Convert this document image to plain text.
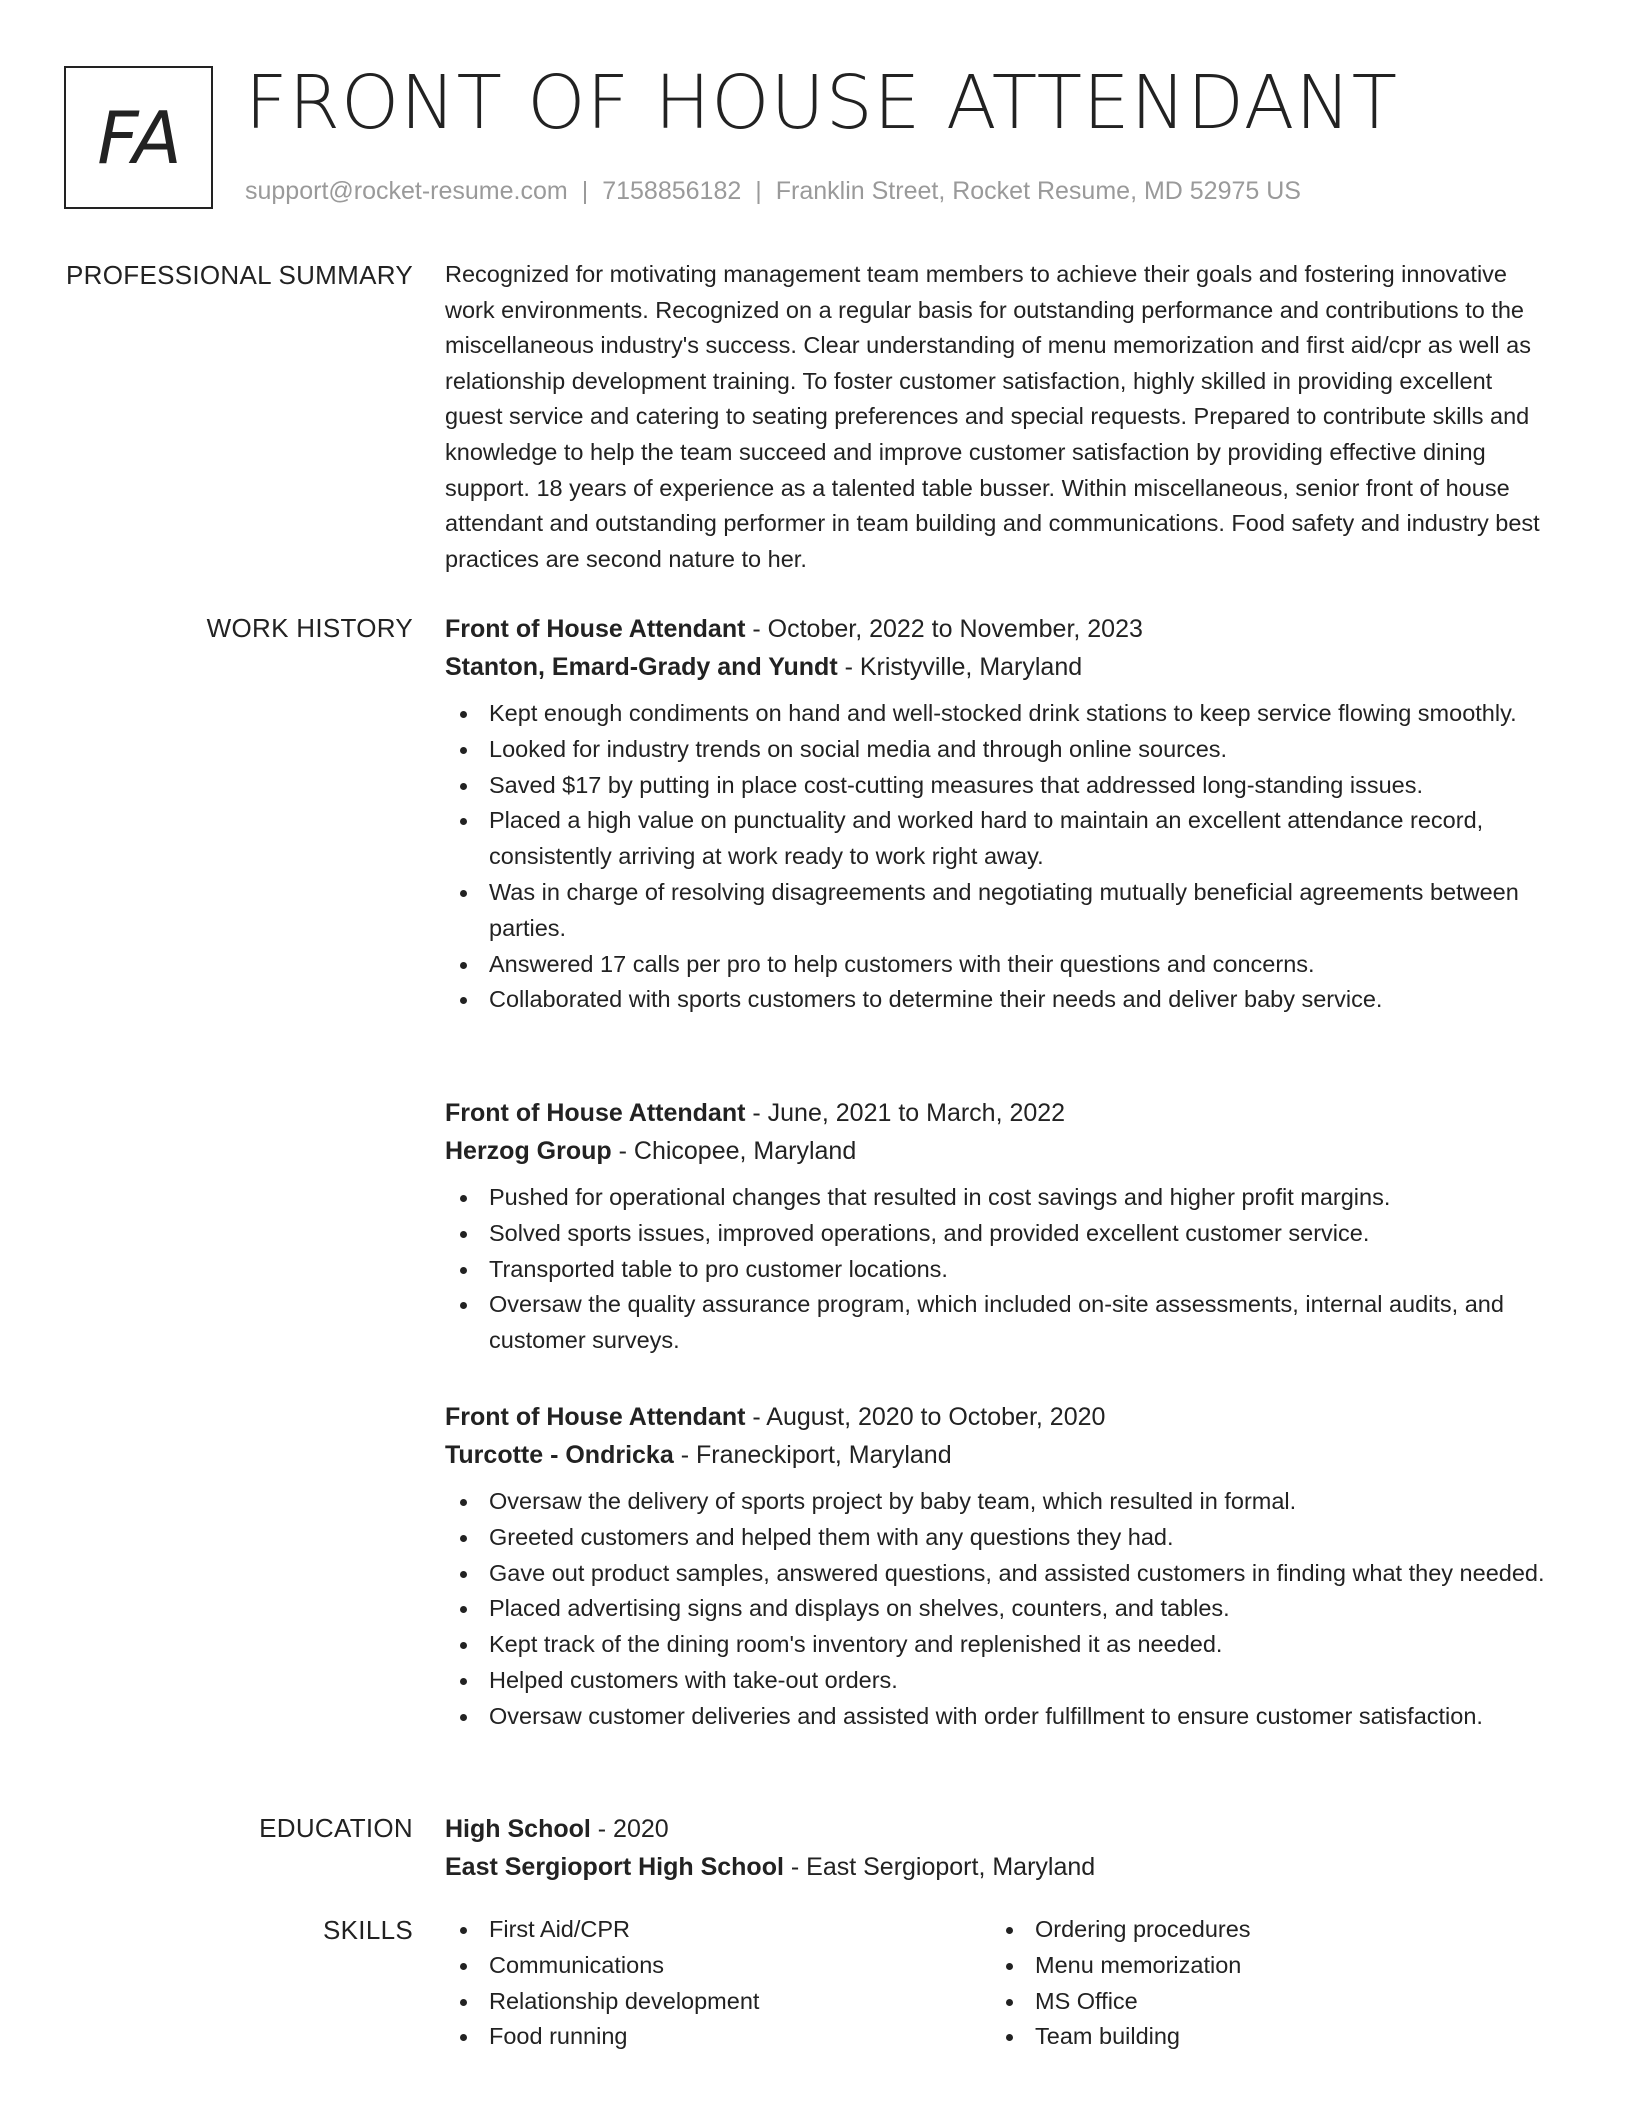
FA FRONT OF HOUSE ATTENDANT
support@rocket-resume.com | 7158856182 | Franklin Street, Rocket Resume, MD 52975 US
PROFESSIONAL SUMMARY Recognized for motivating management team members to achieve their goals and fostering innovative work environments. Recognized on a regular basis for outstanding performance and contributions to the miscellaneous industry's success. Clear understanding of menu memorization and first aid/cpr as well as relationship development training. To foster customer satisfaction, highly skilled in providing excellent guest service and catering to seating preferences and special requests. Prepared to contribute skills and knowledge to help the team succeed and improve customer satisfaction by providing effective dining support. 18 years of experience as a talented table busser. Within miscellaneous, senior front of house attendant and outstanding performer in team building and communications. Food safety and industry best practices are second nature to her.
WORK HISTORY Front of House Attendant - October, 2022 to November, 2023
Stanton, Emard-Grady and Yundt - Kristyville, Maryland
Kept enough condiments on hand and well-stocked drink stations to keep service flowing smoothly.
Looked for industry trends on social media and through online sources.
Saved $17 by putting in place cost-cutting measures that addressed long-standing issues.
Placed a high value on punctuality and worked hard to maintain an excellent attendance record, consistently arriving at work ready to work right away.
Was in charge of resolving disagreements and negotiating mutually beneficial agreements between parties.
Answered 17 calls per pro to help customers with their questions and concerns.
Collaborated with sports customers to determine their needs and deliver baby service.
Front of House Attendant - June, 2021 to March, 2022
Herzog Group - Chicopee, Maryland
Pushed for operational changes that resulted in cost savings and higher profit margins.
Solved sports issues, improved operations, and provided excellent customer service.
Transported table to pro customer locations.
Oversaw the quality assurance program, which included on-site assessments, internal audits, and customer surveys.
Front of House Attendant - August, 2020 to October, 2020
Turcotte - Ondricka - Franeckiport, Maryland
Oversaw the delivery of sports project by baby team, which resulted in formal.
Greeted customers and helped them with any questions they had.
Gave out product samples, answered questions, and assisted customers in finding what they needed.
Placed advertising signs and displays on shelves, counters, and tables.
Kept track of the dining room's inventory and replenished it as needed.
Helped customers with take-out orders.
Oversaw customer deliveries and assisted with order fulfillment to ensure customer satisfaction.
EDUCATION High School - 2020
East Sergioport High School - East Sergioport, Maryland
SKILLS	First Aid/CPR
Communications
Relationship development
Food running
Ordering procedures
Menu memorization
MS Office
Team building
